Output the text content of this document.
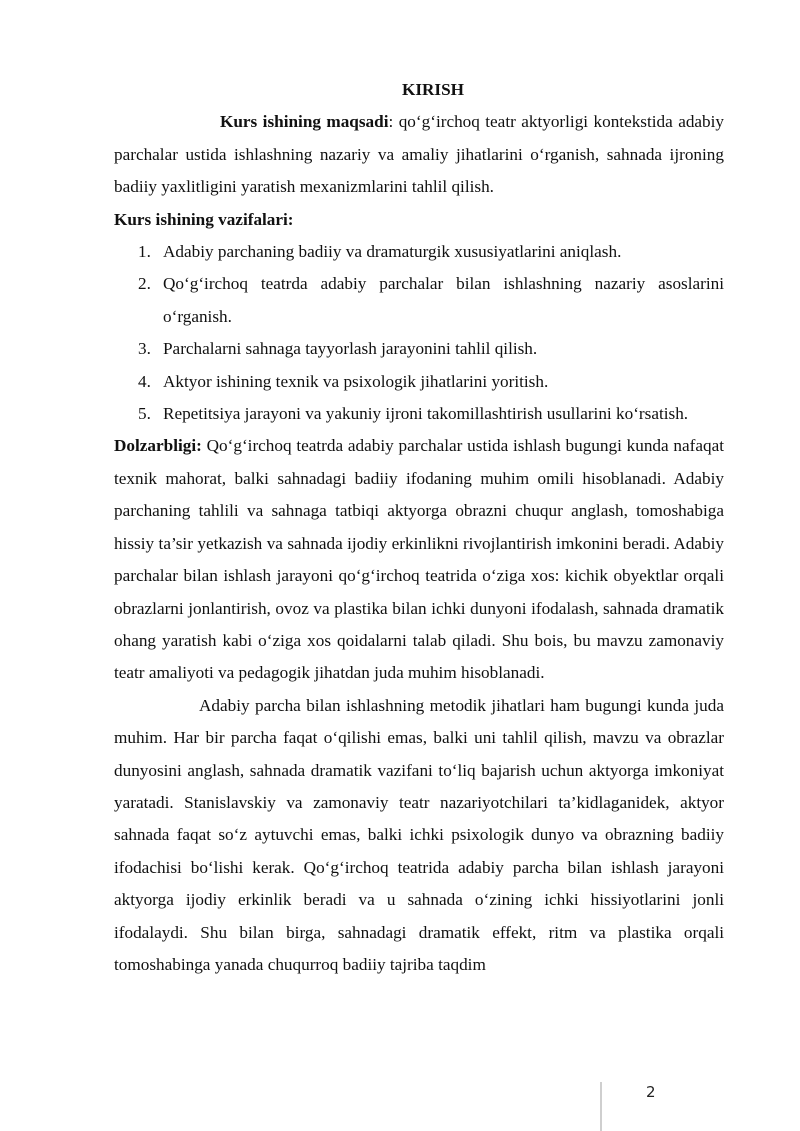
KIRISH

Kurs ishining maqsadi: qo‘g‘irchoq teatr aktyorligi kontekstida adabiy parchalar ustida ishlashning nazariy va amaliy jihatlarini o‘rganish, sahnada ijroning badiiy yaxlitligini yaratish mexanizmlarini tahlil qilish.

Kurs ishining vazifalari:

1. Adabiy parchaning badiiy va dramaturgik xususiyatlarini aniqlash.
2. Qo‘g‘irchoq teatrda adabiy parchalar bilan ishlashning nazariy asoslarini o‘rganish.
3. Parchalarni sahnaga tayyorlash jarayonini tahlil qilish.
4. Aktyor ishining texnik va psixologik jihatlarini yoritish.
5. Repetitsiya jarayoni va yakuniy ijroni takomillashtirish usullarini ko‘rsatish.

Dolzarbligi: Qo‘g‘irchoq teatrda adabiy parchalar ustida ishlash bugungi kunda nafaqat texnik mahorat, balki sahnadagi badiiy ifodaning muhim omili hisoblanadi. Adabiy parchaning tahlili va sahnaga tatbiqi aktyorga obrazni chuqur anglash, tomoshabiga hissiy ta’sir yetkazish va sahnada ijodiy erkinlikni rivojlantirish imkonini beradi. Adabiy parchalar bilan ishlash jarayoni qo‘g‘irchoq teatrida o‘ziga xos: kichik obyektlar orqali obrazlarni jonlantirish, ovoz va plastika bilan ichki dunyoni ifodalash, sahnada dramatik ohang yaratish kabi o‘ziga xos qoidalarni talab qiladi. Shu bois, bu mavzu zamonaviy teatr amaliyoti va pedagogik jihatdan juda muhim hisoblanadi.

Adabiy parcha bilan ishlashning metodik jihatlari ham bugungi kunda juda muhim. Har bir parcha faqat o‘qilishi emas, balki uni tahlil qilish, mavzu va obrazlar dunyosini anglash, sahnada dramatik vazifani to‘liq bajarish uchun aktyorga imkoniyat yaratadi. Stanislavskiy va zamonaviy teatr nazariyotchilari ta’kidlaganidek, aktyor sahnada faqat so‘z aytuvchi emas, balki ichki psixologik dunyo va obrazning badiiy ifodachisi bo‘lishi kerak. Qo‘g‘irchoq teatrida adabiy parcha bilan ishlash jarayoni aktyorga ijodiy erkinlik beradi va u sahnada o‘zining ichki hissiyotlarini jonli ifodalaydi. Shu bilan birga, sahnadagi dramatik effekt, ritm va plastika orqali tomoshabinga yanada chuqurroq badiiy tajriba taqdim

2
